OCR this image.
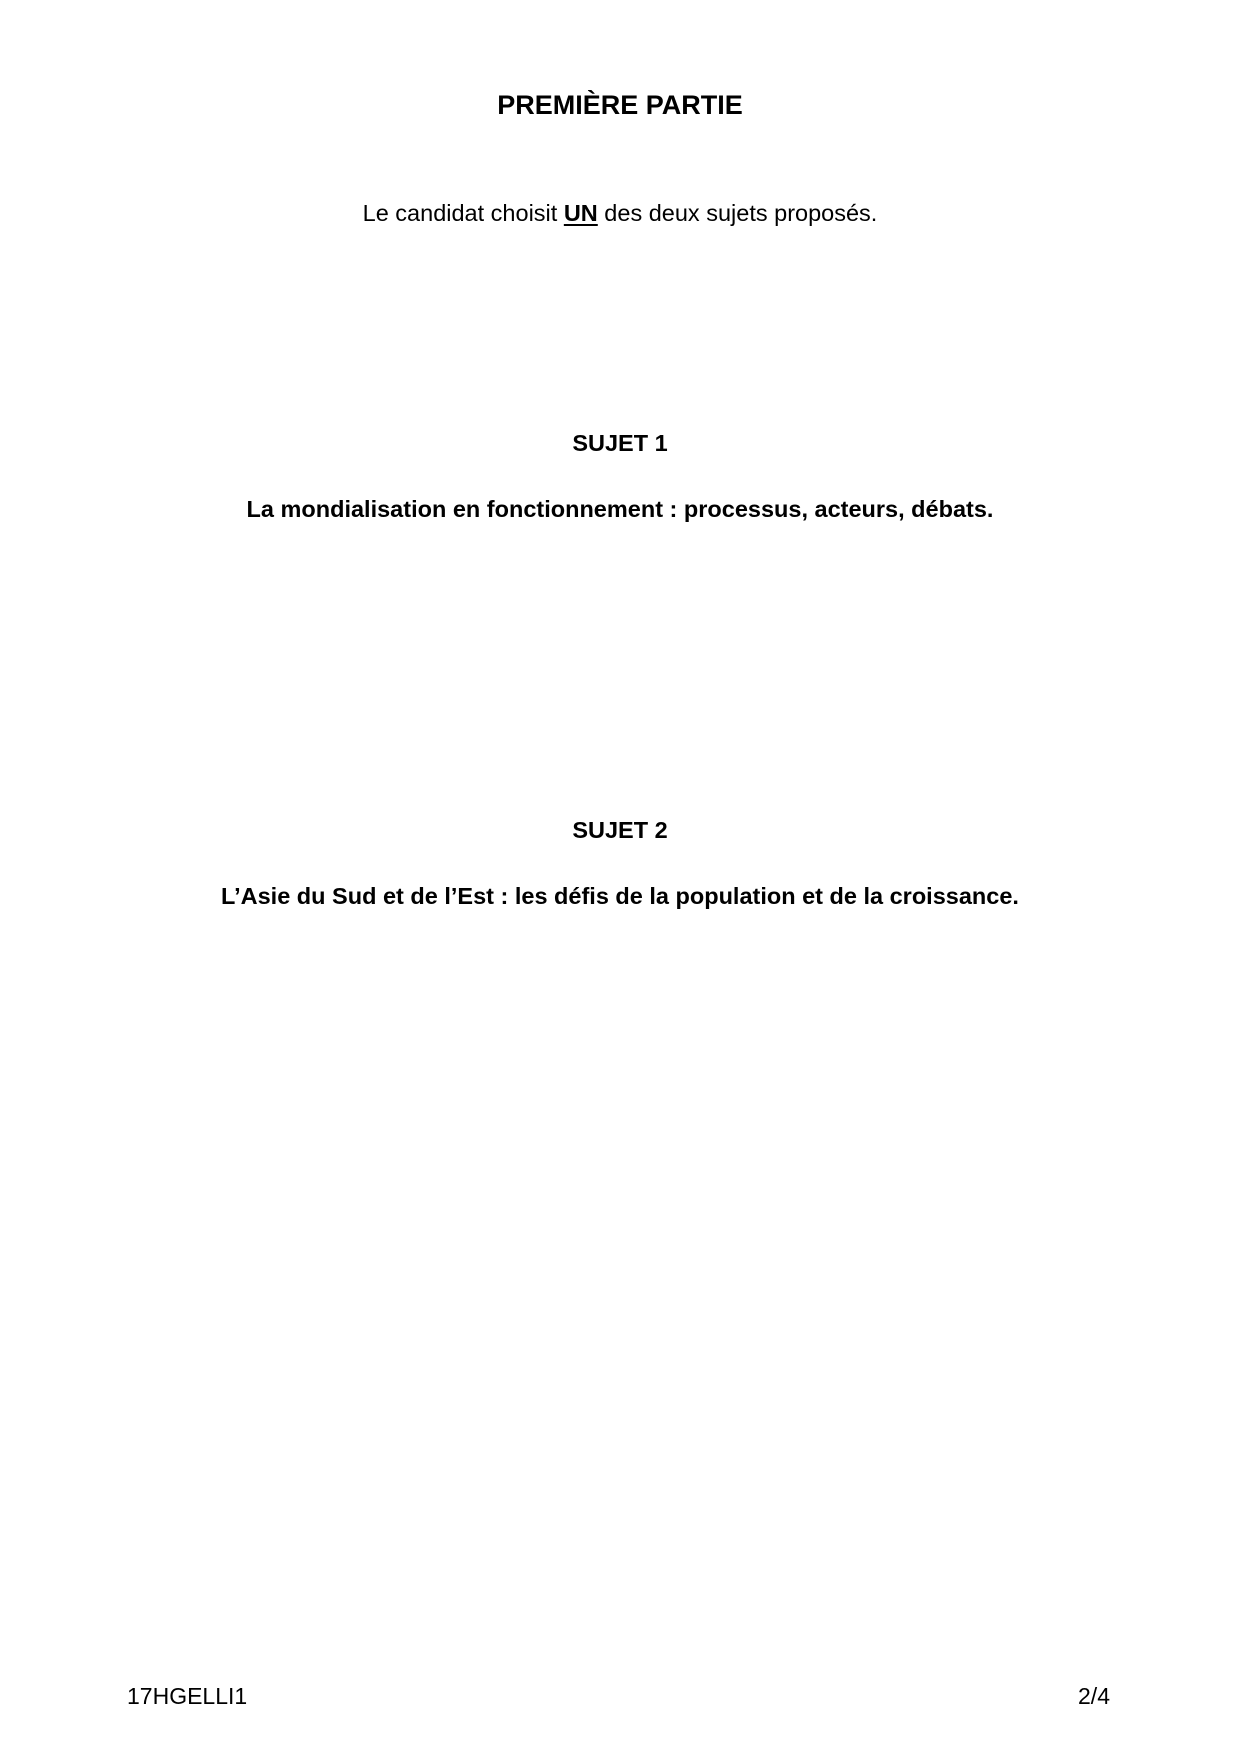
PREMIÈRE PARTIE
Le candidat choisit UN des deux sujets proposés.
SUJET 1
La mondialisation en fonctionnement : processus, acteurs, débats.
SUJET 2
L’Asie du Sud et de l’Est : les défis de la population et de la croissance.
17HGELLI1	2/4
